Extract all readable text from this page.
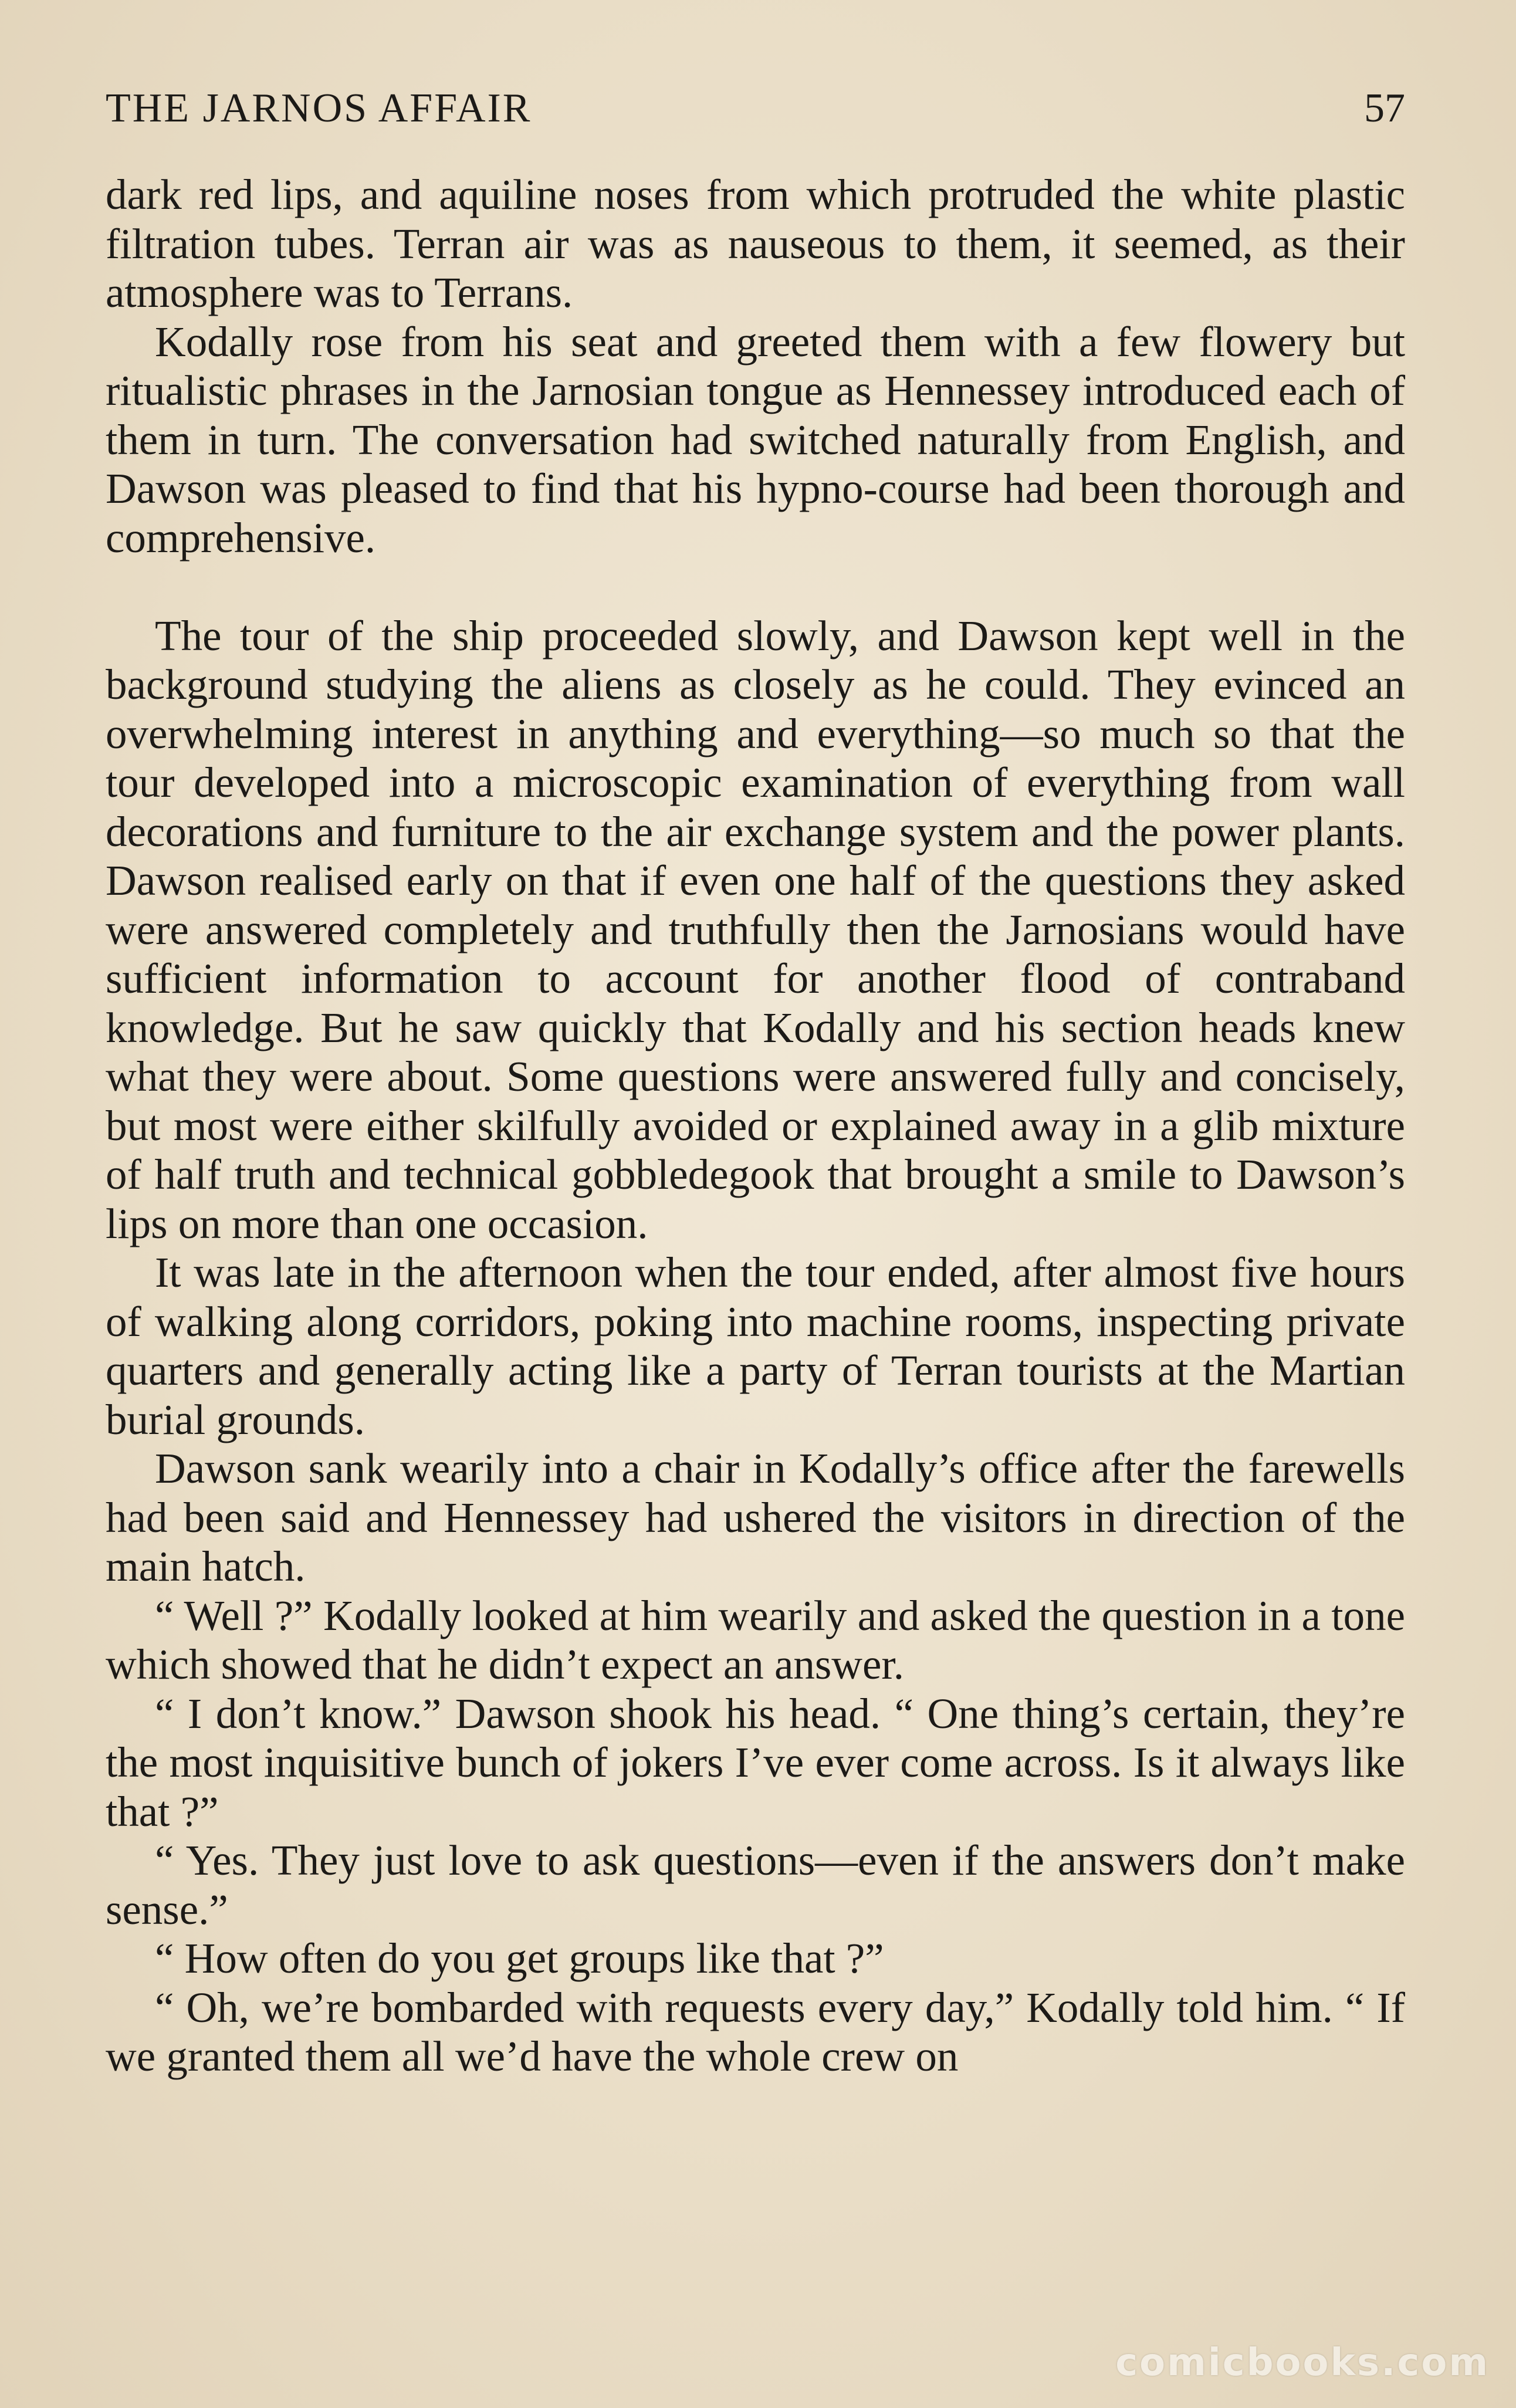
THE JARNOS AFFAIR	57

dark red lips, and aquiline noses from which protruded the white plastic filtration tubes. Terran air was as nauseous to them, it seemed, as their atmosphere was to Terrans.

Kodally rose from his seat and greeted them with a few flowery but ritualistic phrases in the Jarnosian tongue as Hennessey introduced each of them in turn. The conversation had switched naturally from English, and Dawson was pleased to find that his hypno-course had been thorough and comprehensive.

The tour of the ship proceeded slowly, and Dawson kept well in the background studying the aliens as closely as he could. They evinced an overwhelming interest in anything and everything—so much so that the tour developed into a microscopic examination of everything from wall decorations and furniture to the air exchange system and the power plants. Dawson realised early on that if even one half of the questions they asked were answered completely and truthfully then the Jarnosians would have sufficient information to account for another flood of contraband knowledge. But he saw quickly that Kodally and his section heads knew what they were about. Some questions were answered fully and concisely, but most were either skilfully avoided or explained away in a glib mixture of half truth and technical gobbledegook that brought a smile to Dawson’s lips on more than one occasion.

It was late in the afternoon when the tour ended, after almost five hours of walking along corridors, poking into machine rooms, inspecting private quarters and generally acting like a party of Terran tourists at the Martian burial grounds.

Dawson sank wearily into a chair in Kodally’s office after the farewells had been said and Hennessey had ushered the visitors in direction of the main hatch.

“ Well ?” Kodally looked at him wearily and asked the question in a tone which showed that he didn’t expect an answer.

“ I don’t know.” Dawson shook his head. “ One thing’s certain, they’re the most inquisitive bunch of jokers I’ve ever come across. Is it always like that ?”

“ Yes. They just love to ask questions—even if the answers don’t make sense.”

“ How often do you get groups like that ?”

“ Oh, we’re bombarded with requests every day,” Kodally told him. “ If we granted them all we’d have the whole crew on

comicbooks.com
